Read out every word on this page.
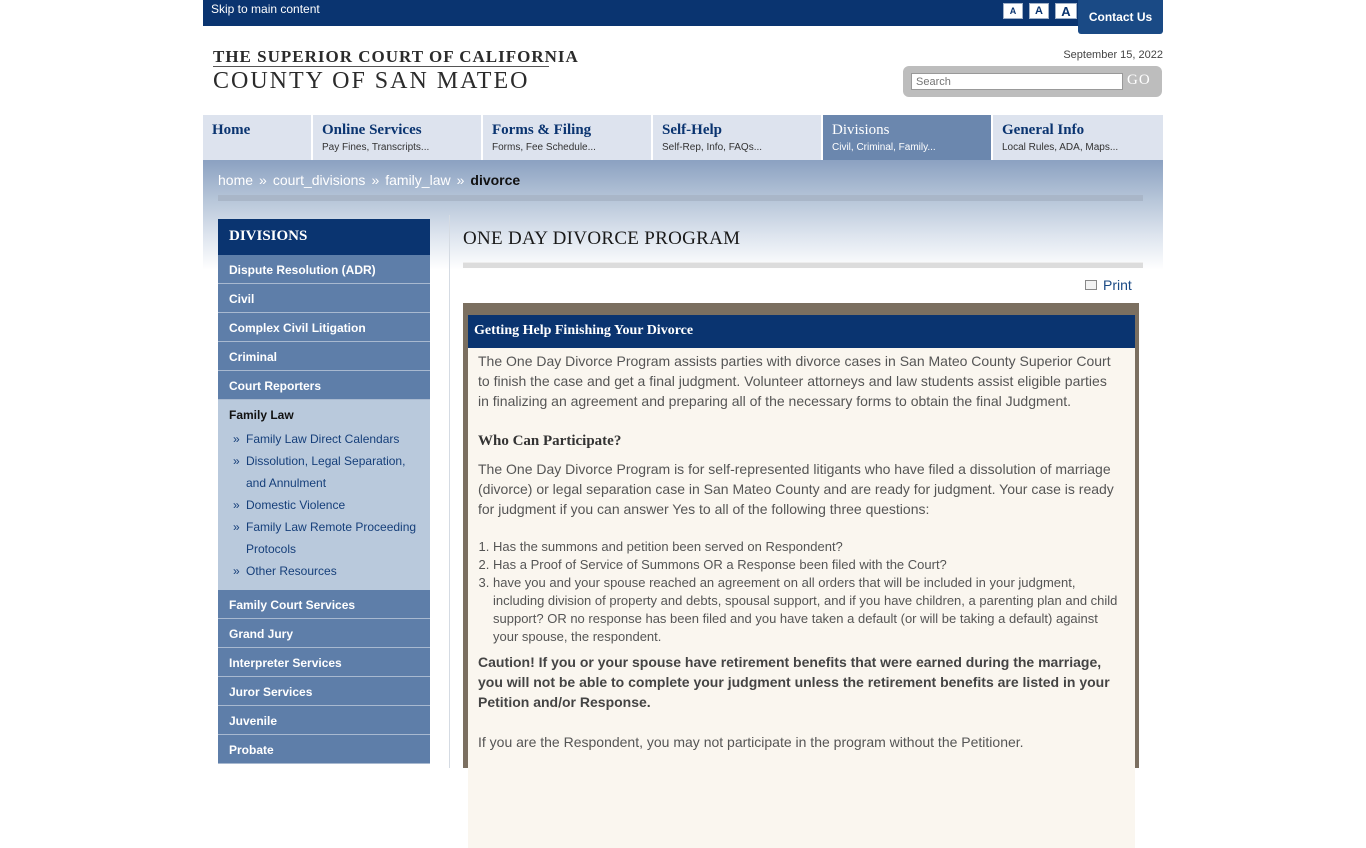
Skip to main content	A	A	A	Contact Us
THE SUPERIOR COURT OF CALIFORNIA
COUNTY OF SAN MATEO
September 15, 2022
Search
GO
Home	Online Services
Pay Fines, Transcripts...
Forms & Filing
Forms, Fee Schedule...
Self-Help
Self-Rep, Info, FAQs...
Divisions
Civil, Criminal, Family...
General Info
Local Rules, ADA, Maps...
home » court_divisions » family_law » divorce
DIVISIONS
Dispute Resolution (ADR)
Civil
Complex Civil Litigation
Criminal
Court Reporters
Family Law
» Family Law Direct Calendars
» Dissolution, Legal Separation, and Annulment
» Domestic Violence
» Family Law Remote Proceeding Protocols
» Other Resources
Family Court Services
Grand Jury
Interpreter Services
Juror Services
Juvenile
Probate
ONE DAY DIVORCE PROGRAM
Print
Getting Help Finishing Your Divorce
The One Day Divorce Program assists parties with divorce cases in San Mateo County Superior Court to finish the case and get a final judgment. Volunteer attorneys and law students assist eligible parties in finalizing an agreement and preparing all of the necessary forms to obtain the final Judgment.
Who Can Participate?
The One Day Divorce Program is for self-represented litigants who have filed a dissolution of marriage (divorce) or legal separation case in San Mateo County and are ready for judgment. Your case is ready for judgment if you can answer Yes to all of the following three questions:
1. Has the summons and petition been served on Respondent?
2. Has a Proof of Service of Summons OR a Response been filed with the Court?
3. have you and your spouse reached an agreement on all orders that will be included in your judgment, including division of property and debts, spousal support, and if you have children, a parenting plan and child support? OR no response has been filed and you have taken a default (or will be taking a default) against your spouse, the respondent.
Caution! If you or your spouse have retirement benefits that were earned during the marriage, you will not be able to complete your judgment unless the retirement benefits are listed in your Petition and/or Response.
If you are the Respondent, you may not participate in the program without the Petitioner.
